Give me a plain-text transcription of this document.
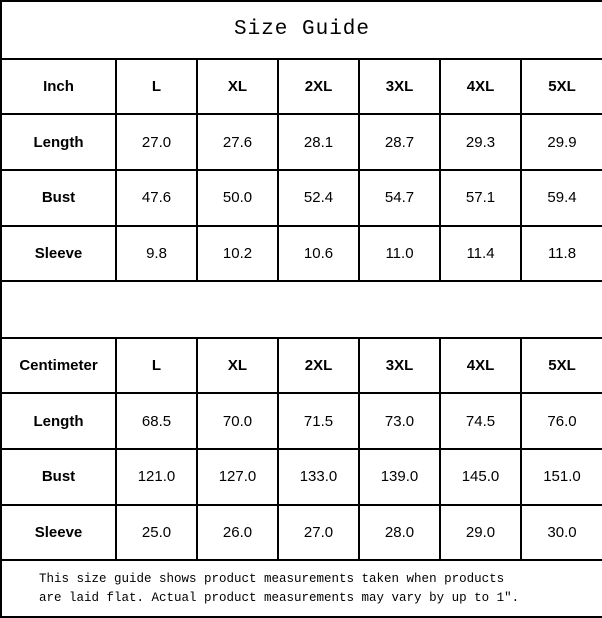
Size Guide						
Inch	L	XL	2XL	3XL	4XL	5XL
Length	27.0	27.6	28.1	28.7	29.3	29.9
Bust	47.6	50.0	52.4	54.7	57.1	59.4
Sleeve	9.8	10.2	10.6	11.0	11.4	11.8

Centimeter	L	XL	2XL	3XL	4XL	5XL
Length	68.5	70.0	71.5	73.0	74.5	76.0
Bust	121.0	127.0	133.0	139.0	145.0	151.0
Sleeve	25.0	26.0	27.0	28.0	29.0	30.0

This size guide shows product measurements taken when products
are laid flat. Actual product measurements may vary by up to 1″.						
